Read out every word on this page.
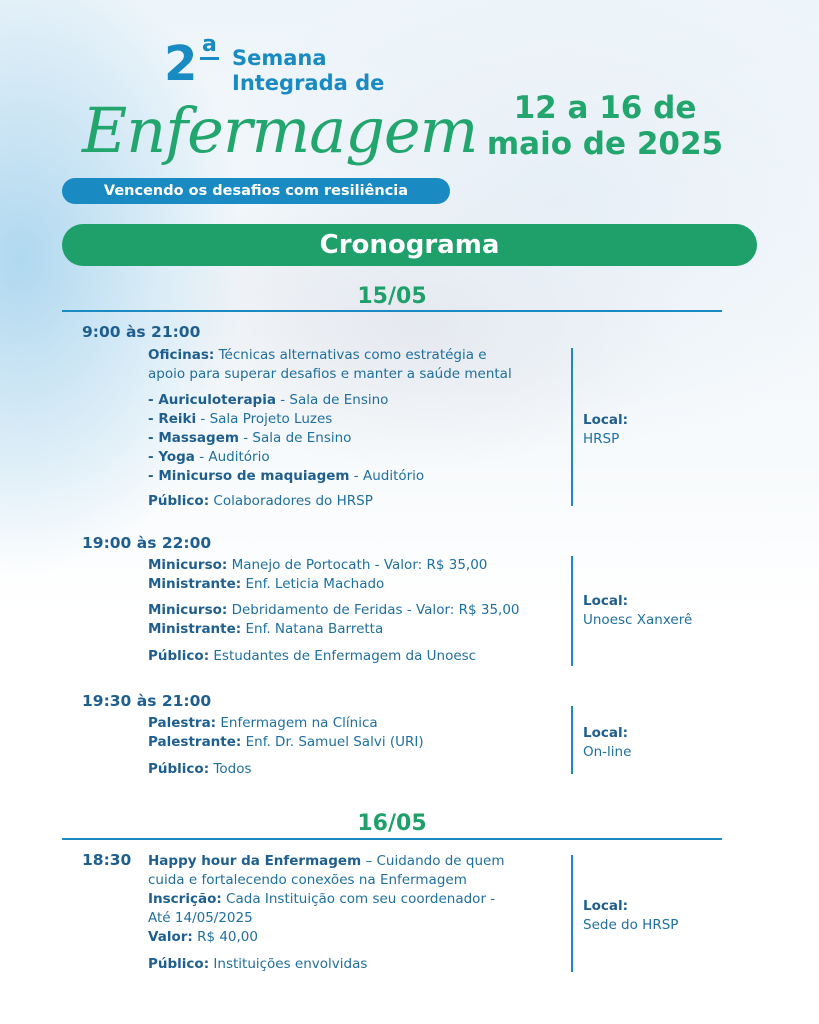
2 a
Semana
Integrada de
Enfermagem
Vencendo os desafios com resiliência
12 a 16 de
maio de 2025
Cronograma
15/05
9:00 às 21:00
Oficinas: Técnicas alternativas como estratégia e
apoio para superar desafios e manter a saúde mental
- Auriculoterapia - Sala de Ensino
- Reiki - Sala Projeto Luzes
- Massagem - Sala de Ensino
- Yoga - Auditório
- Minicurso de maquiagem - Auditório
Público: Colaboradores do HRSP
Local:
HRSP
19:00 às 22:00
Minicurso: Manejo de Portocath - Valor: R$ 35,00
Ministrante: Enf. Leticia Machado
Minicurso: Debridamento de Feridas - Valor: R$ 35,00
Ministrante: Enf. Natana Barretta
Público: Estudantes de Enfermagem da Unoesc
Local:
Unoesc Xanxerê
19:30 às 21:00
Palestra: Enfermagem na Clínica
Palestrante: Enf. Dr. Samuel Salvi (URI)
Público: Todos
Local:
On-line
16/05
18:30 Happy hour da Enfermagem – Cuidando de quem
cuida e fortalecendo conexões na Enfermagem
Inscrição: Cada Instituição com seu coordenador -
Até 14/05/2025
Valor: R$ 40,00
Público: Instituições envolvidas
Local:
Sede do HRSP
